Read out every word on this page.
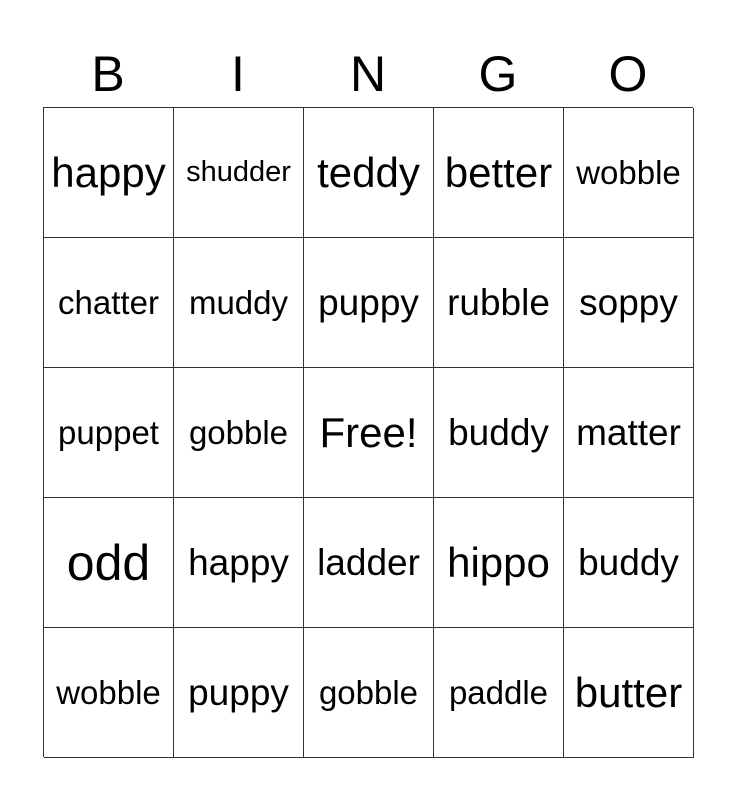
B	I	N	G	O
happy shudder teddy better wobble
chatter muddy puppy rubble soppy
puppet gobble Free! buddy matter
odd	happy ladder hippo buddy
wobble puppy gobble paddle butter
